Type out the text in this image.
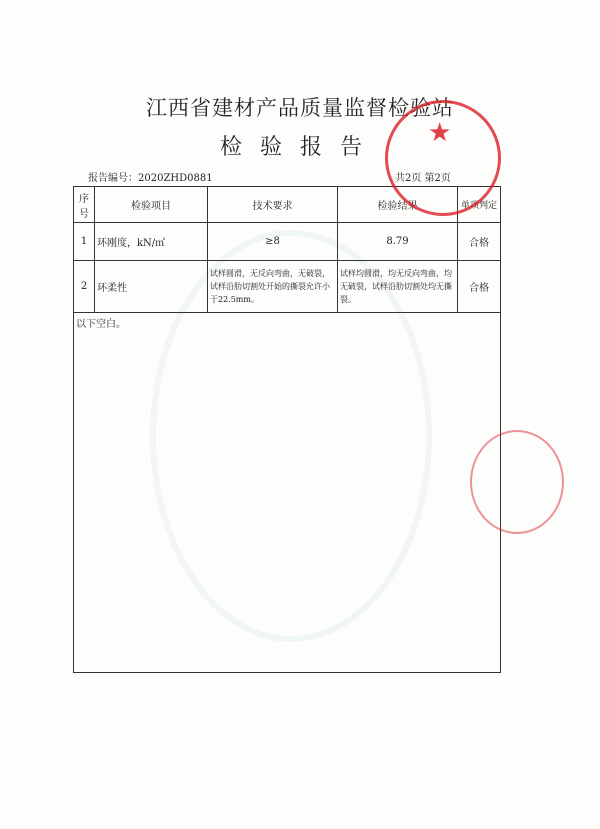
江西省建材产品质量监督检验站
检验报告
报告编号：2020ZHD0881	共2页 第2页
序号	检验项目	技术要求	检验结果	单项判定
1	环刚度，kN/㎡	≥8	8.79	合格
2	环柔性	试样圆滑，无反向弯曲，无破裂，试样沿肋切割处开始的撕裂允许小于22.5mm。	试样均圆滑，均无反向弯曲，均无破裂，试样沿肋切割处均无撕裂。	合格
以下空白。				
★
